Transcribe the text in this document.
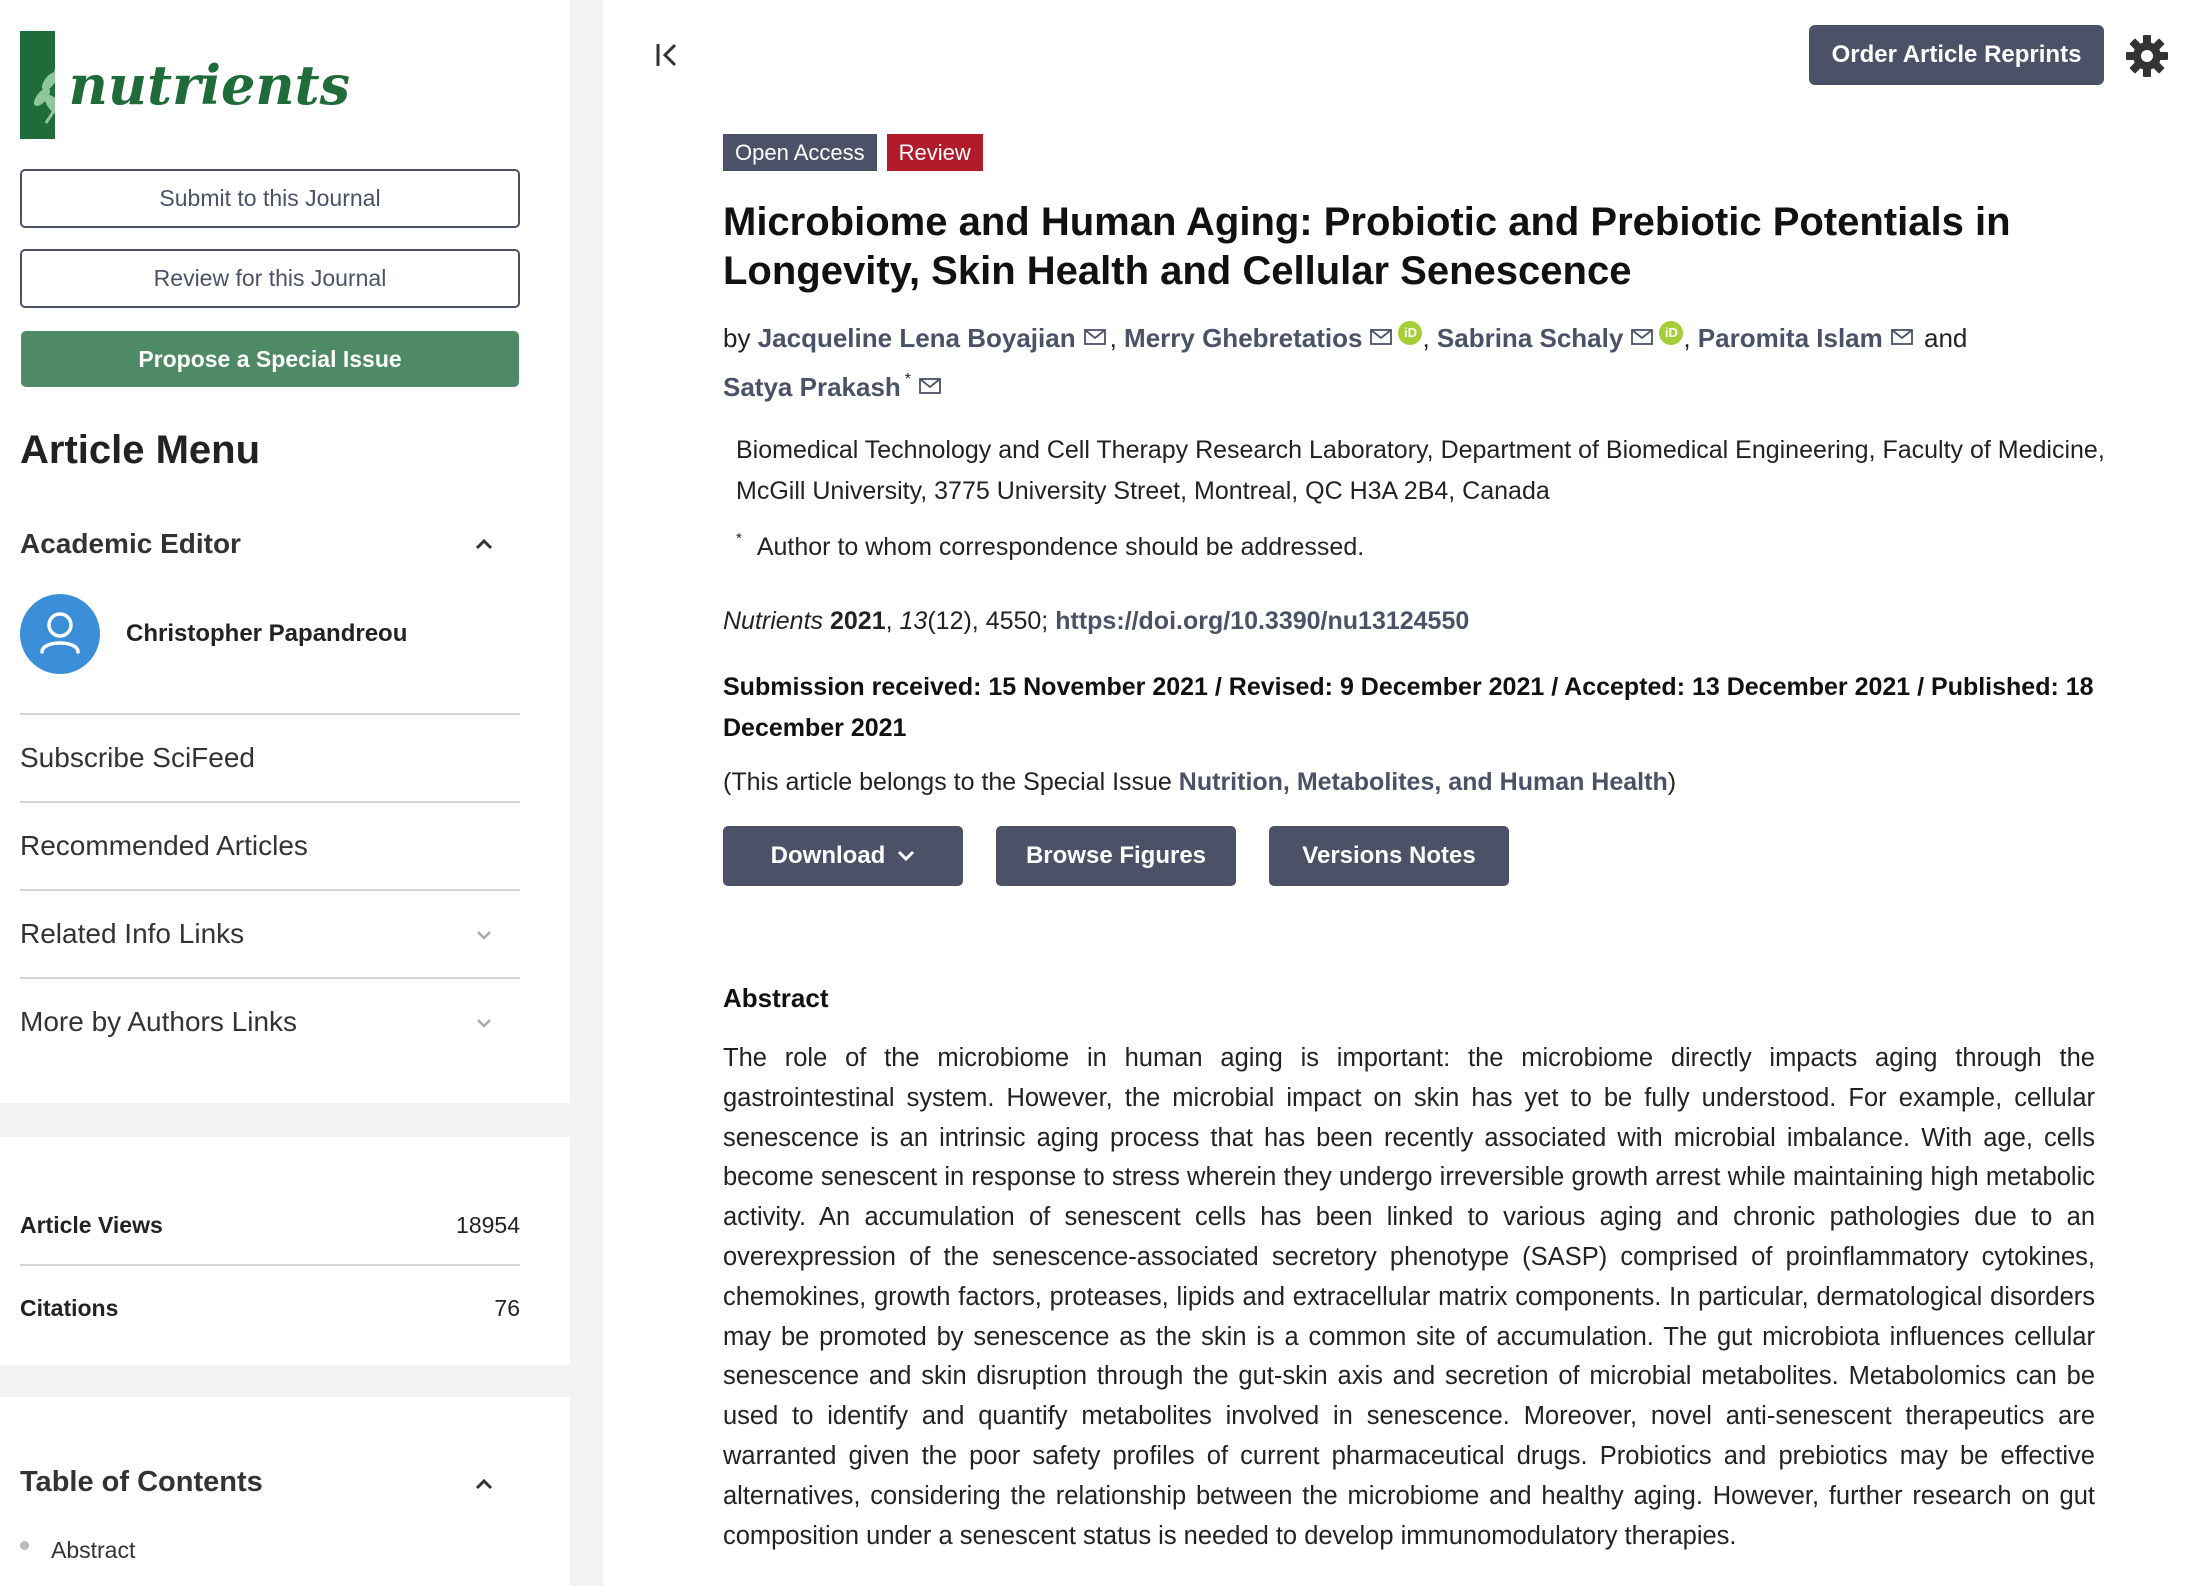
nutrients
Submit to this Journal
Review for this Journal
Propose a Special Issue
Article Menu
Academic Editor
Christopher Papandreou
Subscribe SciFeed
Recommended Articles
Related Info Links
More by Authors Links
Article Views	18954
Citations	76
Table of Contents
Abstract
Order Article Reprints
Open Access	Review
Microbiome and Human Aging: Probiotic and Prebiotic Potentials in Longevity, Skin Health and Cellular Senescence
by Jacqueline Lena Boyajian , Merry Ghebretatios	iD , Sabrina Schaly	iD , Paromita Islam and
Satya Prakash *
Biomedical Technology and Cell Therapy Research Laboratory, Department of Biomedical Engineering, Faculty of Medicine, McGill University, 3775 University Street, Montreal, QC H3A 2B4, Canada
* Author to whom correspondence should be addressed.
Nutrients 2021, 13(12), 4550; https://doi.org/10.3390/nu13124550
Submission received: 15 November 2021 / Revised: 9 December 2021 / Accepted: 13 December 2021 / Published: 18 December 2021
(This article belongs to the Special Issue Nutrition, Metabolites, and Human Health)
Download	Browse Figures	Versions Notes
Abstract
The role of the microbiome in human aging is important: the microbiome directly impacts aging through the gastrointestinal system. However, the microbial impact on skin has yet to be fully understood. For example, cellular senescence is an intrinsic aging process that has been recently associated with microbial imbalance. With age, cells become senescent in response to stress wherein they undergo irreversible growth arrest while maintaining high metabolic activity. An accumulation of senescent cells has been linked to various aging and chronic pathologies due to an overexpression of the senescence-associated secretory phenotype (SASP) comprised of proinflammatory cytokines, chemokines, growth factors, proteases, lipids and extracellular matrix components. In particular, dermatological disorders may be promoted by senescence as the skin is a common site of accumulation. The gut microbiota influences cellular senescence and skin disruption through the gut-skin axis and secretion of microbial metabolites. Metabolomics can be used to identify and quantify metabolites involved in senescence. Moreover, novel anti-senescent therapeutics are warranted given the poor safety profiles of current pharmaceutical drugs. Probiotics and prebiotics may be effective alternatives, considering the relationship between the microbiome and healthy aging. However, further research on gut composition under a senescent status is needed to develop immunomodulatory therapies.
